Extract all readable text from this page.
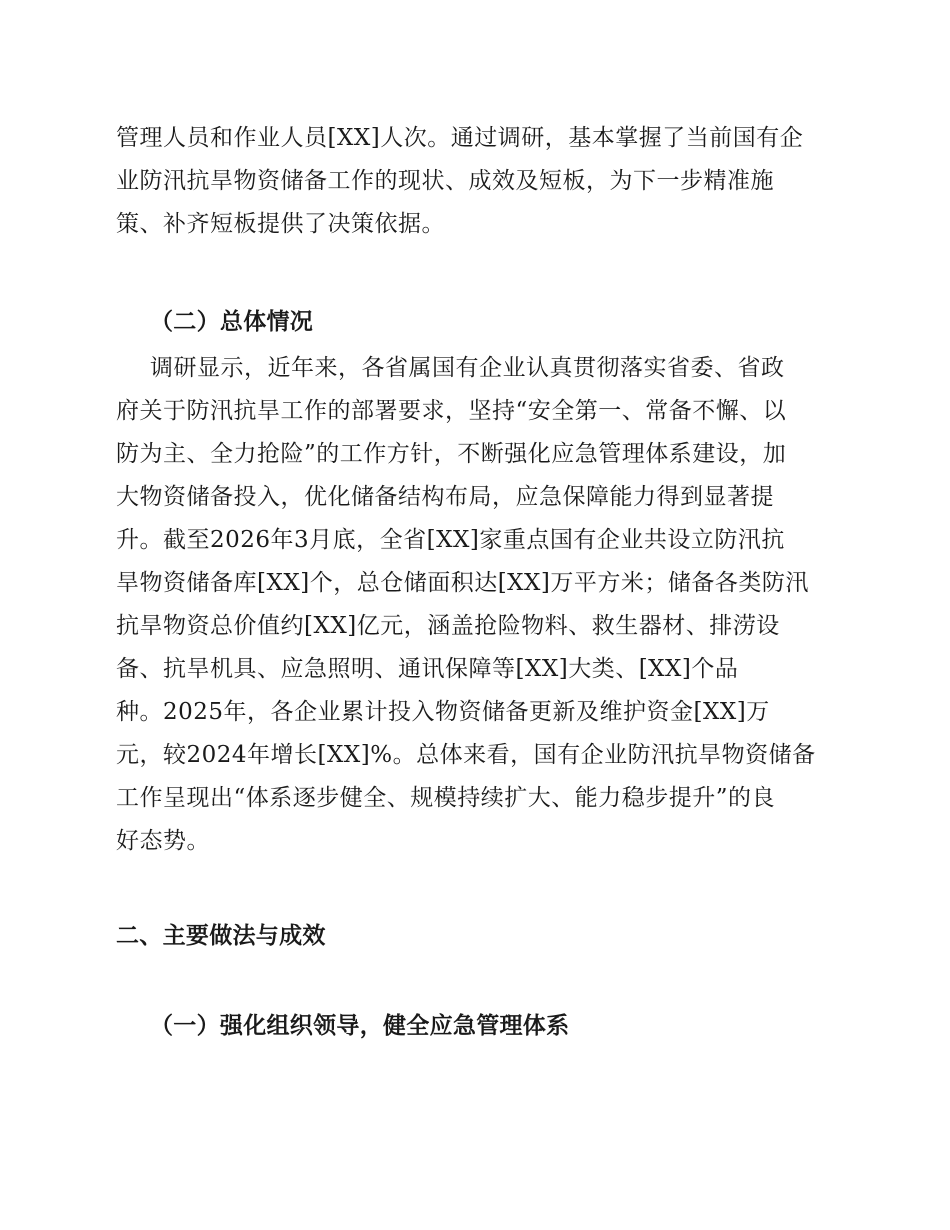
管理人员和作业人员[XX]人次。通过调研，基本掌握了当前国有企
业防汛抗旱物资储备工作的现状、成效及短板，为下一步精准施
策、补齐短板提供了决策依据。
（二）总体情况
调研显示，近年来，各省属国有企业认真贯彻落实省委、省政
府关于防汛抗旱工作的部署要求，坚持“安全第一、常备不懈、以
防为主、全力抢险”的工作方针，不断强化应急管理体系建设，加
大物资储备投入，优化储备结构布局，应急保障能力得到显著提
升。截至2026年3月底，全省[XX]家重点国有企业共设立防汛抗
旱物资储备库[XX]个，总仓储面积达[XX]万平方米；储备各类防汛
抗旱物资总价值约[XX]亿元，涵盖抢险物料、救生器材、排涝设
备、抗旱机具、应急照明、通讯保障等[XX]大类、[XX]个品
种。2025年，各企业累计投入物资储备更新及维护资金[XX]万
元，较2024年增长[XX]%。总体来看，国有企业防汛抗旱物资储备
工作呈现出“体系逐步健全、规模持续扩大、能力稳步提升”的良
好态势。
二、主要做法与成效
（一）强化组织领导，健全应急管理体系
